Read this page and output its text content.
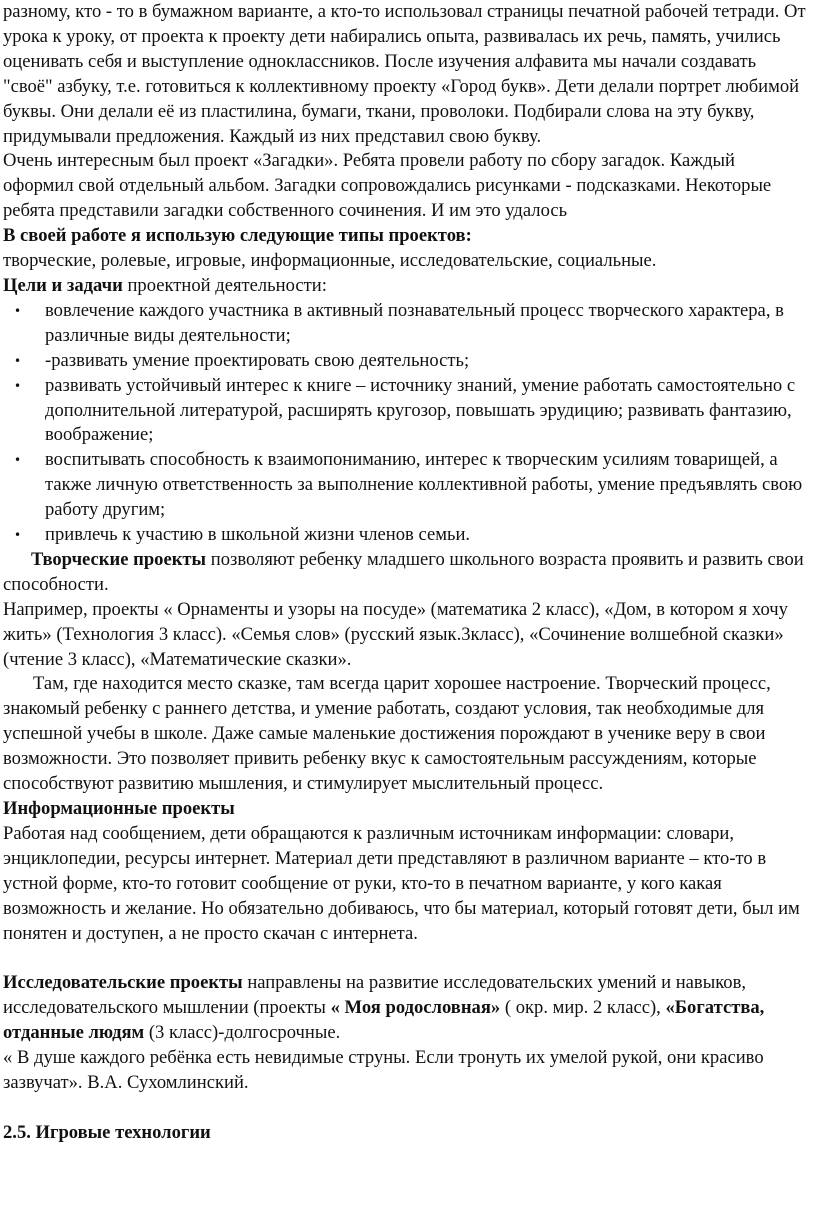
разному, кто - то в бумажном варианте, а кто-то использовал страницы печатной рабочей тетради. От урока к уроку, от проекта к проекту дети набирались опыта, развивалась их речь, память, учились оценивать себя и выступление одноклассников. После изучения алфавита мы начали создавать "своё" азбуку, т.е. готовиться к коллективному проекту «Город букв». Дети делали портрет любимой буквы. Они делали её из пластилина, бумаги, ткани, проволоки. Подбирали слова на эту букву, придумывали предложения. Каждый из них представил свою букву.

Очень интересным был проект «Загадки». Ребята провели работу по сбору загадок. Каждый оформил свой отдельный альбом. Загадки сопровождались рисунками - подсказками. Некоторые ребята представили загадки собственного сочинения. И им это удалось

В своей работе я использую следующие типы проектов:

творческие, ролевые, игровые, информационные, исследовательские, социальные.

Цели и задачи проектной деятельности:

• вовлечение каждого участника в активный познавательный процесс творческого характера, в различные виды деятельности;
• -развивать умение проектировать свою деятельность;
• развивать устойчивый интерес к книге – источнику знаний, умение работать самостоятельно с дополнительной литературой, расширять кругозор, повышать эрудицию; развивать фантазию, воображение;
• воспитывать способность к взаимопониманию, интерес к творческим усилиям товарищей, а также личную ответственность за выполнение коллективной работы, умение предъявлять свою работу другим;
• привлечь к участию в школьной жизни членов семьи.

Творческие проекты позволяют ребенку младшего школьного возраста проявить и развить свои способности.

Например, проекты « Орнаменты и узоры на посуде» (математика 2 класс), «Дом, в котором я хочу жить» (Технология 3 класс). «Семья слов» (русский язык.3класс), «Сочинение волшебной сказки» (чтение 3 класс), «Математические сказки».

Там, где находится место сказке, там всегда царит хорошее настроение. Творческий процесс, знакомый ребенку с раннего детства, и умение работать, создают условия, так необходимые для успешной учебы в школе. Даже самые маленькие достижения порождают в ученике веру в свои возможности. Это позволяет привить ребенку вкус к самостоятельным рассуждениям, которые способствуют развитию мышления, и стимулирует мыслительный процесс.

Информационные проекты

Работая над сообщением, дети обращаются к различным источникам информации: словари, энциклопедии, ресурсы интернет. Материал дети представляют в различном варианте – кто-то в устной форме, кто-то готовит сообщение от руки, кто-то в печатном варианте, у кого какая возможность и желание. Но обязательно добиваюсь, что бы материал, который готовят дети, был им понятен и доступен, а не просто скачан с интернета.

Исследовательские проекты направлены на развитие исследовательских умений и навыков, исследовательского мышлении (проекты « Моя родословная» ( окр. мир. 2 класс), «Богатства, отданные людям (3 класс)-долгосрочные.

« В душе каждого ребёнка есть невидимые струны. Если тронуть их умелой рукой, они красиво зазвучат». В.А. Сухомлинский.

2.5. Игровые технологии
